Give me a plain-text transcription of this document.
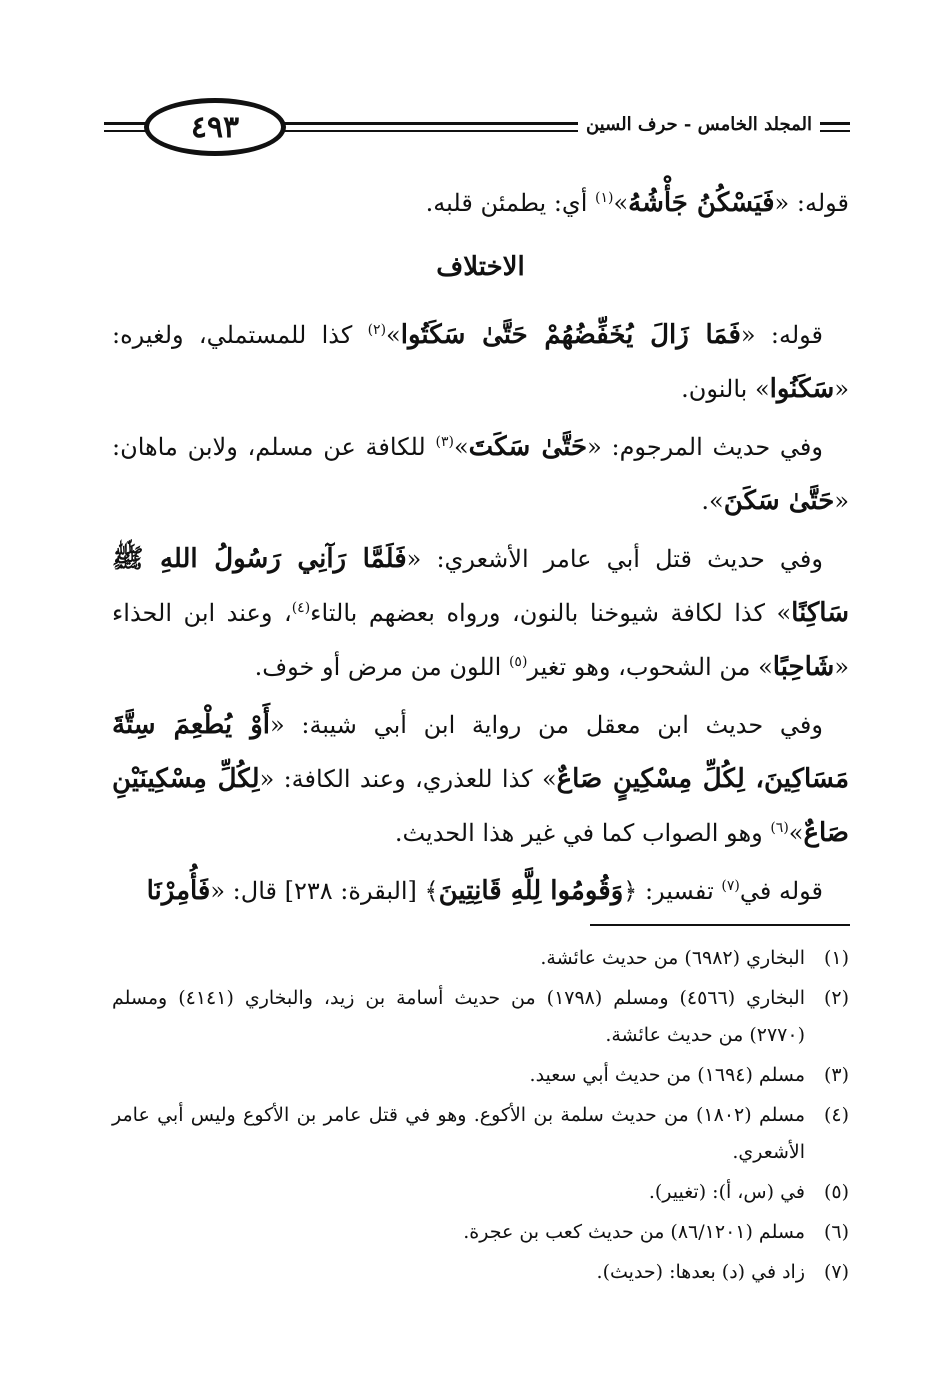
المجلد الخامس - حرف السين
٤٩٣

قوله: «فَيَسْكُنُ جَأْشُهُ»$^{(١)}$ أي: يطمئن قلبه.

الاختلاف

قوله: «فَمَا زَالَ يُخَفِّضُهُمْ حَتَّىٰ سَكَتُوا»$^{(٢)}$ كذا للمستملي، ولغيره: «سَكَنُوا» بالنون.

وفي حديث المرجوم: «حَتَّىٰ سَكَتَ»$^{(٣)}$ للكافة عن مسلم، ولابن ماهان: «حَتَّىٰ سَكَنَ».

وفي حديث قتل أبي عامر الأشعري: «فَلَمَّا رَآنِي رَسُولُ اللهِ ﷺ سَاكِنًا» كذا لكافة شيوخنا بالنون، ورواه بعضهم بالتاء$^{(٤)}$، وعند ابن الحذاء «شَاحِبًا» من الشحوب، وهو تغير$^{(٥)}$ اللون من مرض أو خوف.

وفي حديث ابن معقل من رواية ابن أبي شيبة: «أَوْ يُطْعِمَ سِتَّةَ مَسَاكِينَ، لِكُلِّ مِسْكِينٍ صَاعٌ» كذا للعذري، وعند الكافة: «لِكُلِّ مِسْكِينَيْنِ صَاعٌ»$^{(٦)}$ وهو الصواب كما في غير هذا الحديث.

قوله في$^{(٧)}$ تفسير: ﴿وَقُومُوا لِلَّهِ قَانِتِينَ﴾ [البقرة: ٢٣٨] قال: «فَأُمِرْنَا

(١)
البخاري (٦٩٨٢) من حديث عائشة.
(٢)
البخاري (٤٥٦٦) ومسلم (١٧٩٨) من حديث أسامة بن زيد، والبخاري (٤١٤١) ومسلم (٢٧٧٠) من حديث عائشة.
(٣)
مسلم (١٦٩٤) من حديث أبي سعيد.
(٤)
مسلم (١٨٠٢) من حديث سلمة بن الأكوع. وهو في قتل عامر بن الأكوع وليس أبي عامر الأشعري.
(٥)
في (س، أ): (تغيير).
(٦)
مسلم (٨٦/١٢٠١) من حديث كعب بن عجرة.
(٧)
زاد في (د) بعدها: (حديث).
